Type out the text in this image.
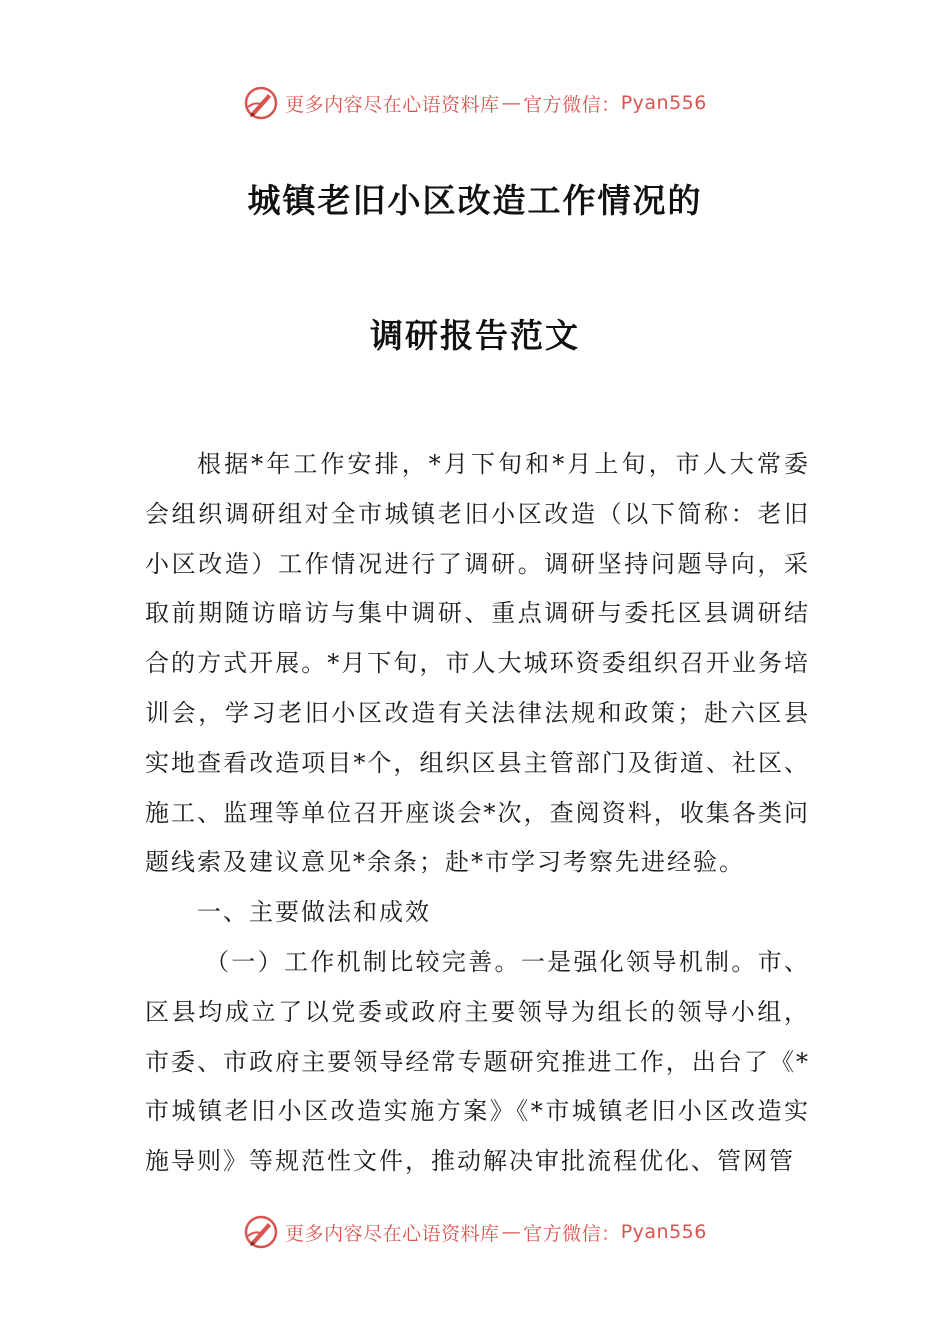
更多内容尽在心语资料库 — 官方微信： Pyan556
城镇老旧小区改造工作情况的
调研报告范文

根据*年工作安排，*月下旬和*月上旬，市人大常委会组织调研组对全市城镇老旧小区改造（以下简称：老旧小区改造）工作情况进行了调研。调研坚持问题导向，采取前期随访暗访与集中调研、重点调研与委托区县调研结合的方式开展。*月下旬，市人大城环资委组织召开业务培训会，学习老旧小区改造有关法律法规和政策；赴六区县实地查看改造项目*个，组织区县主管部门及街道、社区、施工、监理等单位召开座谈会*次，查阅资料，收集各类问题线索及建议意见*余条；赴*市学习考察先进经验。

一、主要做法和成效

（一）工作机制比较完善。一是强化领导机制。市、区县均成立了以党委或政府主要领导为组长的领导小组，市委、市政府主要领导经常专题研究推进工作，出台了《*市城镇老旧小区改造实施方案》《*市城镇老旧小区改造实施导则》等规范性文件，推动解决审批流程优化、管网管

更多内容尽在心语资料库 — 官方微信： Pyan556
